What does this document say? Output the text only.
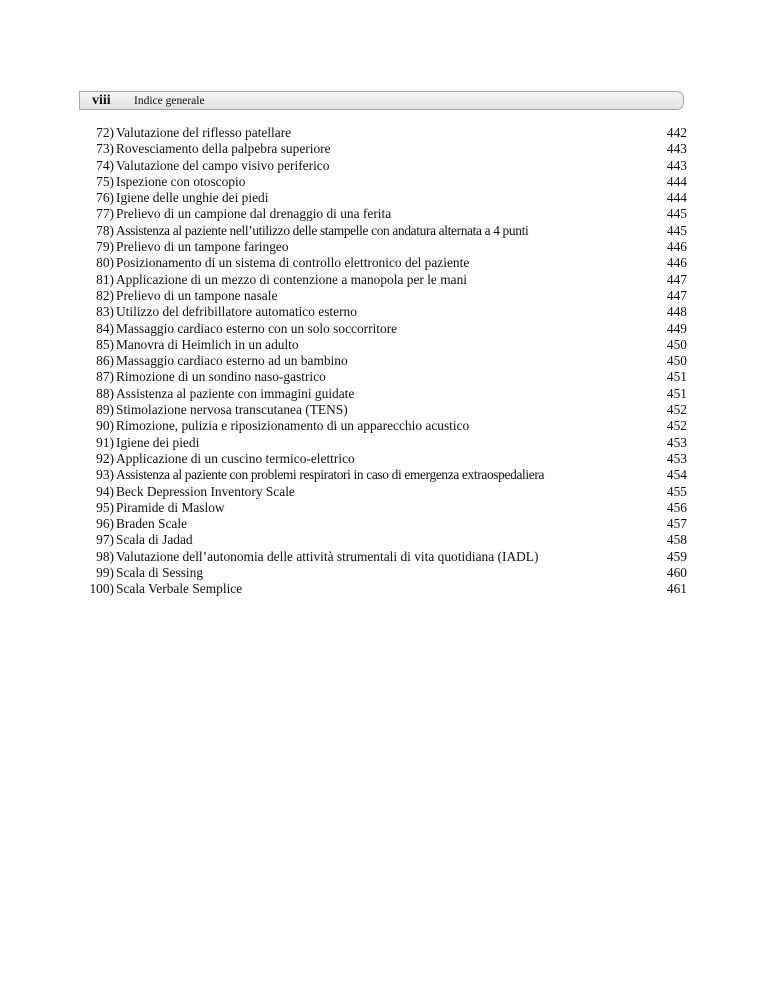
viii Indice generale
72) Valutazione del riflesso patellare	442
73) Rovesciamento della palpebra superiore	443
74) Valutazione del campo visivo periferico	443
75) Ispezione con otoscopio	444
76) Igiene delle unghie dei piedi	444
77) Prelievo di un campione dal drenaggio di una ferita	445
78) Assistenza al paziente nell’utilizzo delle stampelle con andatura alternata a 4 punti	445
79) Prelievo di un tampone faringeo	446
80) Posizionamento di un sistema di controllo elettronico del paziente	446
81) Applicazione di un mezzo di contenzione a manopola per le mani	447
82) Prelievo di un tampone nasale	447
83) Utilizzo del defribillatore automatico esterno	448
84) Massaggio cardiaco esterno con un solo soccorritore	449
85) Manovra di Heimlich in un adulto	450
86) Massaggio cardiaco esterno ad un bambino	450
87) Rimozione di un sondino naso-gastrico	451
88) Assistenza al paziente con immagini guidate	451
89) Stimolazione nervosa transcutanea (TENS)	452
90) Rimozione, pulizia e riposizionamento di un apparecchio acustico	452
91) Igiene dei piedi	453
92) Applicazione di un cuscino termico-elettrico	453
93) Assistenza al paziente con problemi respiratori in caso di emergenza extraospedaliera	454
94) Beck Depression Inventory Scale	455
95) Piramide di Maslow	456
96) Braden Scale	457
97) Scala di Jadad	458
98) Valutazione dell’autonomia delle attività strumentali di vita quotidiana (IADL)	459
99) Scala di Sessing	460
100) Scala Verbale Semplice	461
